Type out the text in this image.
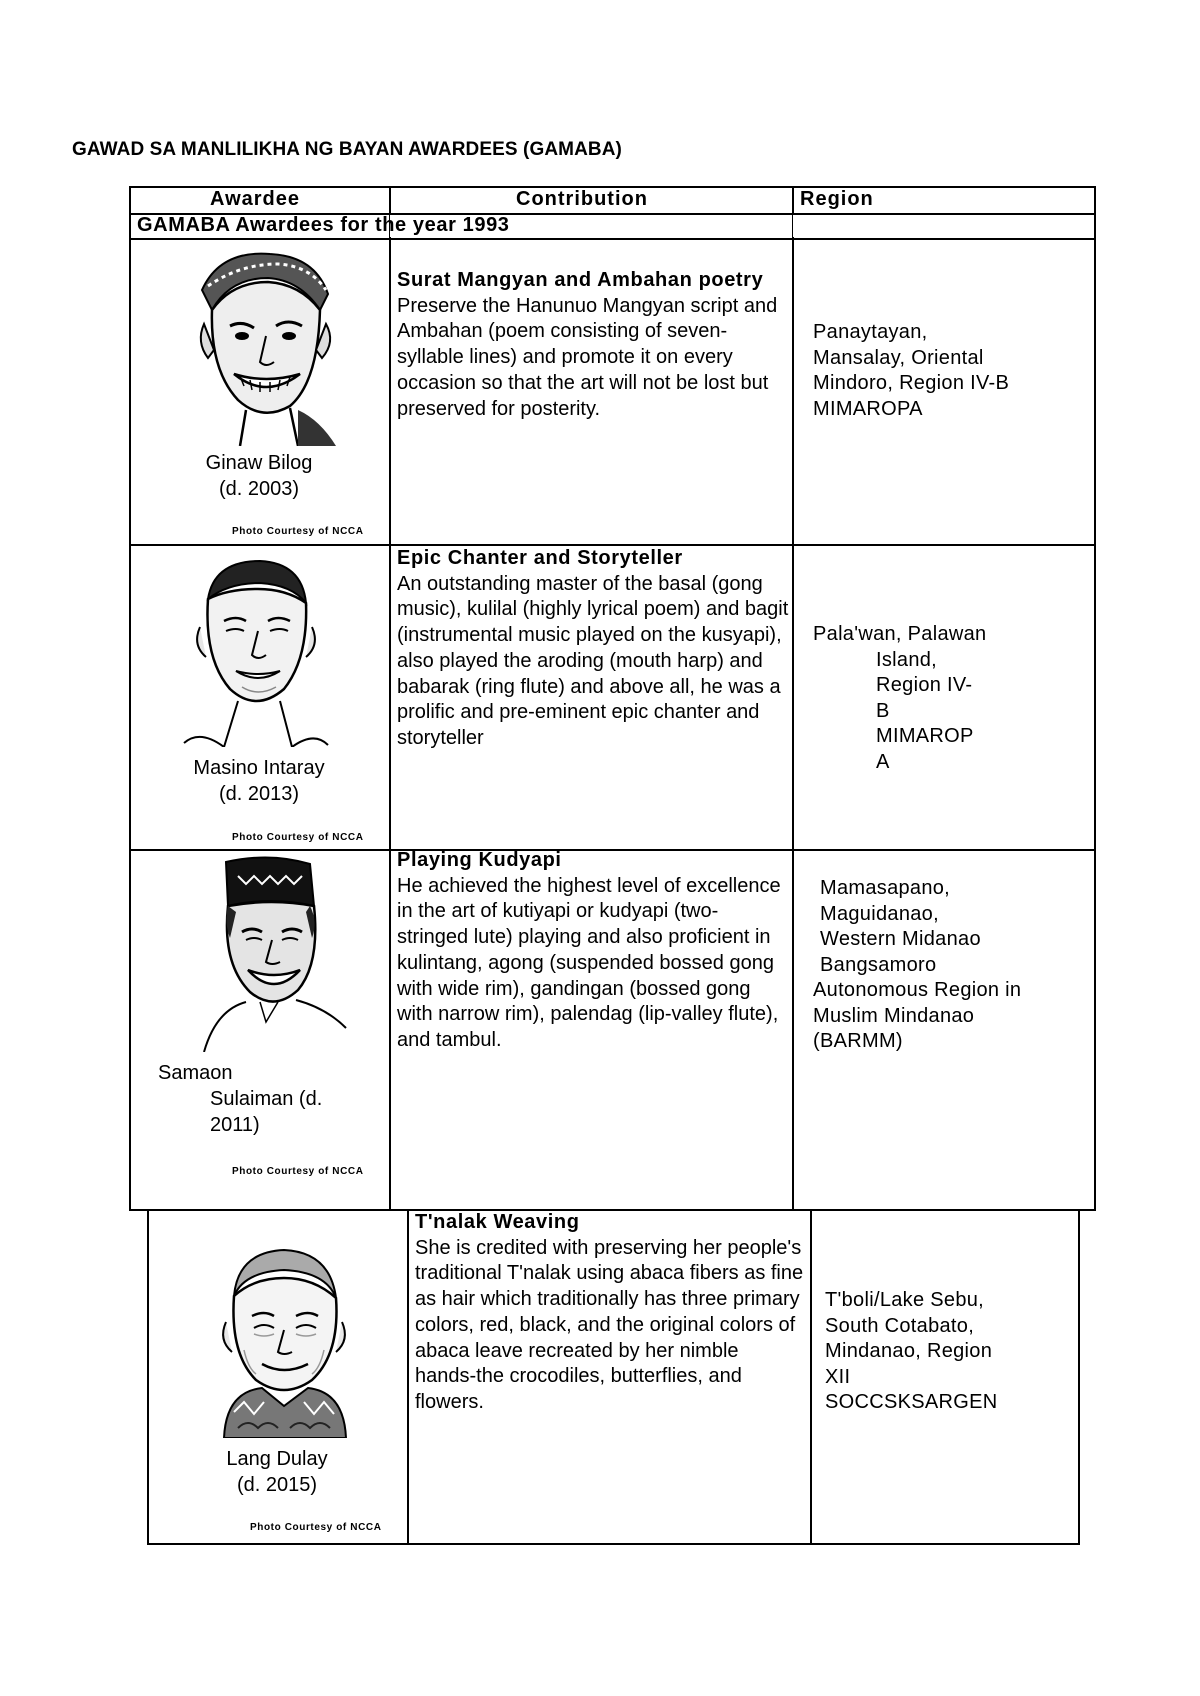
GAWAD SA MANLILIKHA NG BAYAN AWARDEES (GAMABA)
Awardee	Contribution	Region
GAMABA Awardees for the year 1993
Ginaw Bilog
(d. 2003)
Photo Courtesy of NCCA
Surat Mangyan and Ambahan poetry
Preserve the Hanunuo Mangyan script and Ambahan (poem consisting of seven-syllable lines) and promote it on every occasion so that the art will not be lost but preserved for posterity.
Panaytayan,
Mansalay, Oriental
Mindoro, Region IV-B
MIMAROPA
Masino Intaray
(d. 2013)
Photo Courtesy of NCCA
Epic Chanter and Storyteller
An outstanding master of the basal (gong music), kulilal (highly lyrical poem) and bagit (instrumental music played on the kusyapi), also played the aroding (mouth harp) and babarak (ring flute) and above all, he was a prolific and pre-eminent epic chanter and storyteller
Pala'wan, Palawan
Island,
Region IV-
B
MIMAROP
A
Samaon
Sulaiman (d.
2011)
Photo Courtesy of NCCA
Playing Kudyapi
He achieved the highest level of excellence in the art of kutiyapi or kudyapi (two-stringed lute) playing and also proficient in kulintang, agong (suspended bossed gong with wide rim), gandingan (bossed gong with narrow rim), palendag (lip-valley flute), and tambul.
Mamasapano,
Maguidanao,
Western Midanao
Bangsamoro
Autonomous Region in
Muslim Mindanao
(BARMM)
Lang Dulay
(d. 2015)
Photo Courtesy of NCCA
T'nalak Weaving
She is credited with preserving her people's traditional T'nalak using abaca fibers as fine as hair which traditionally has three primary colors, red, black, and the original colors of abaca leave recreated by her nimble hands-the crocodiles, butterflies, and flowers.
T'boli/Lake Sebu,
South Cotabato,
Mindanao, Region
XII
SOCCSKSARGEN
